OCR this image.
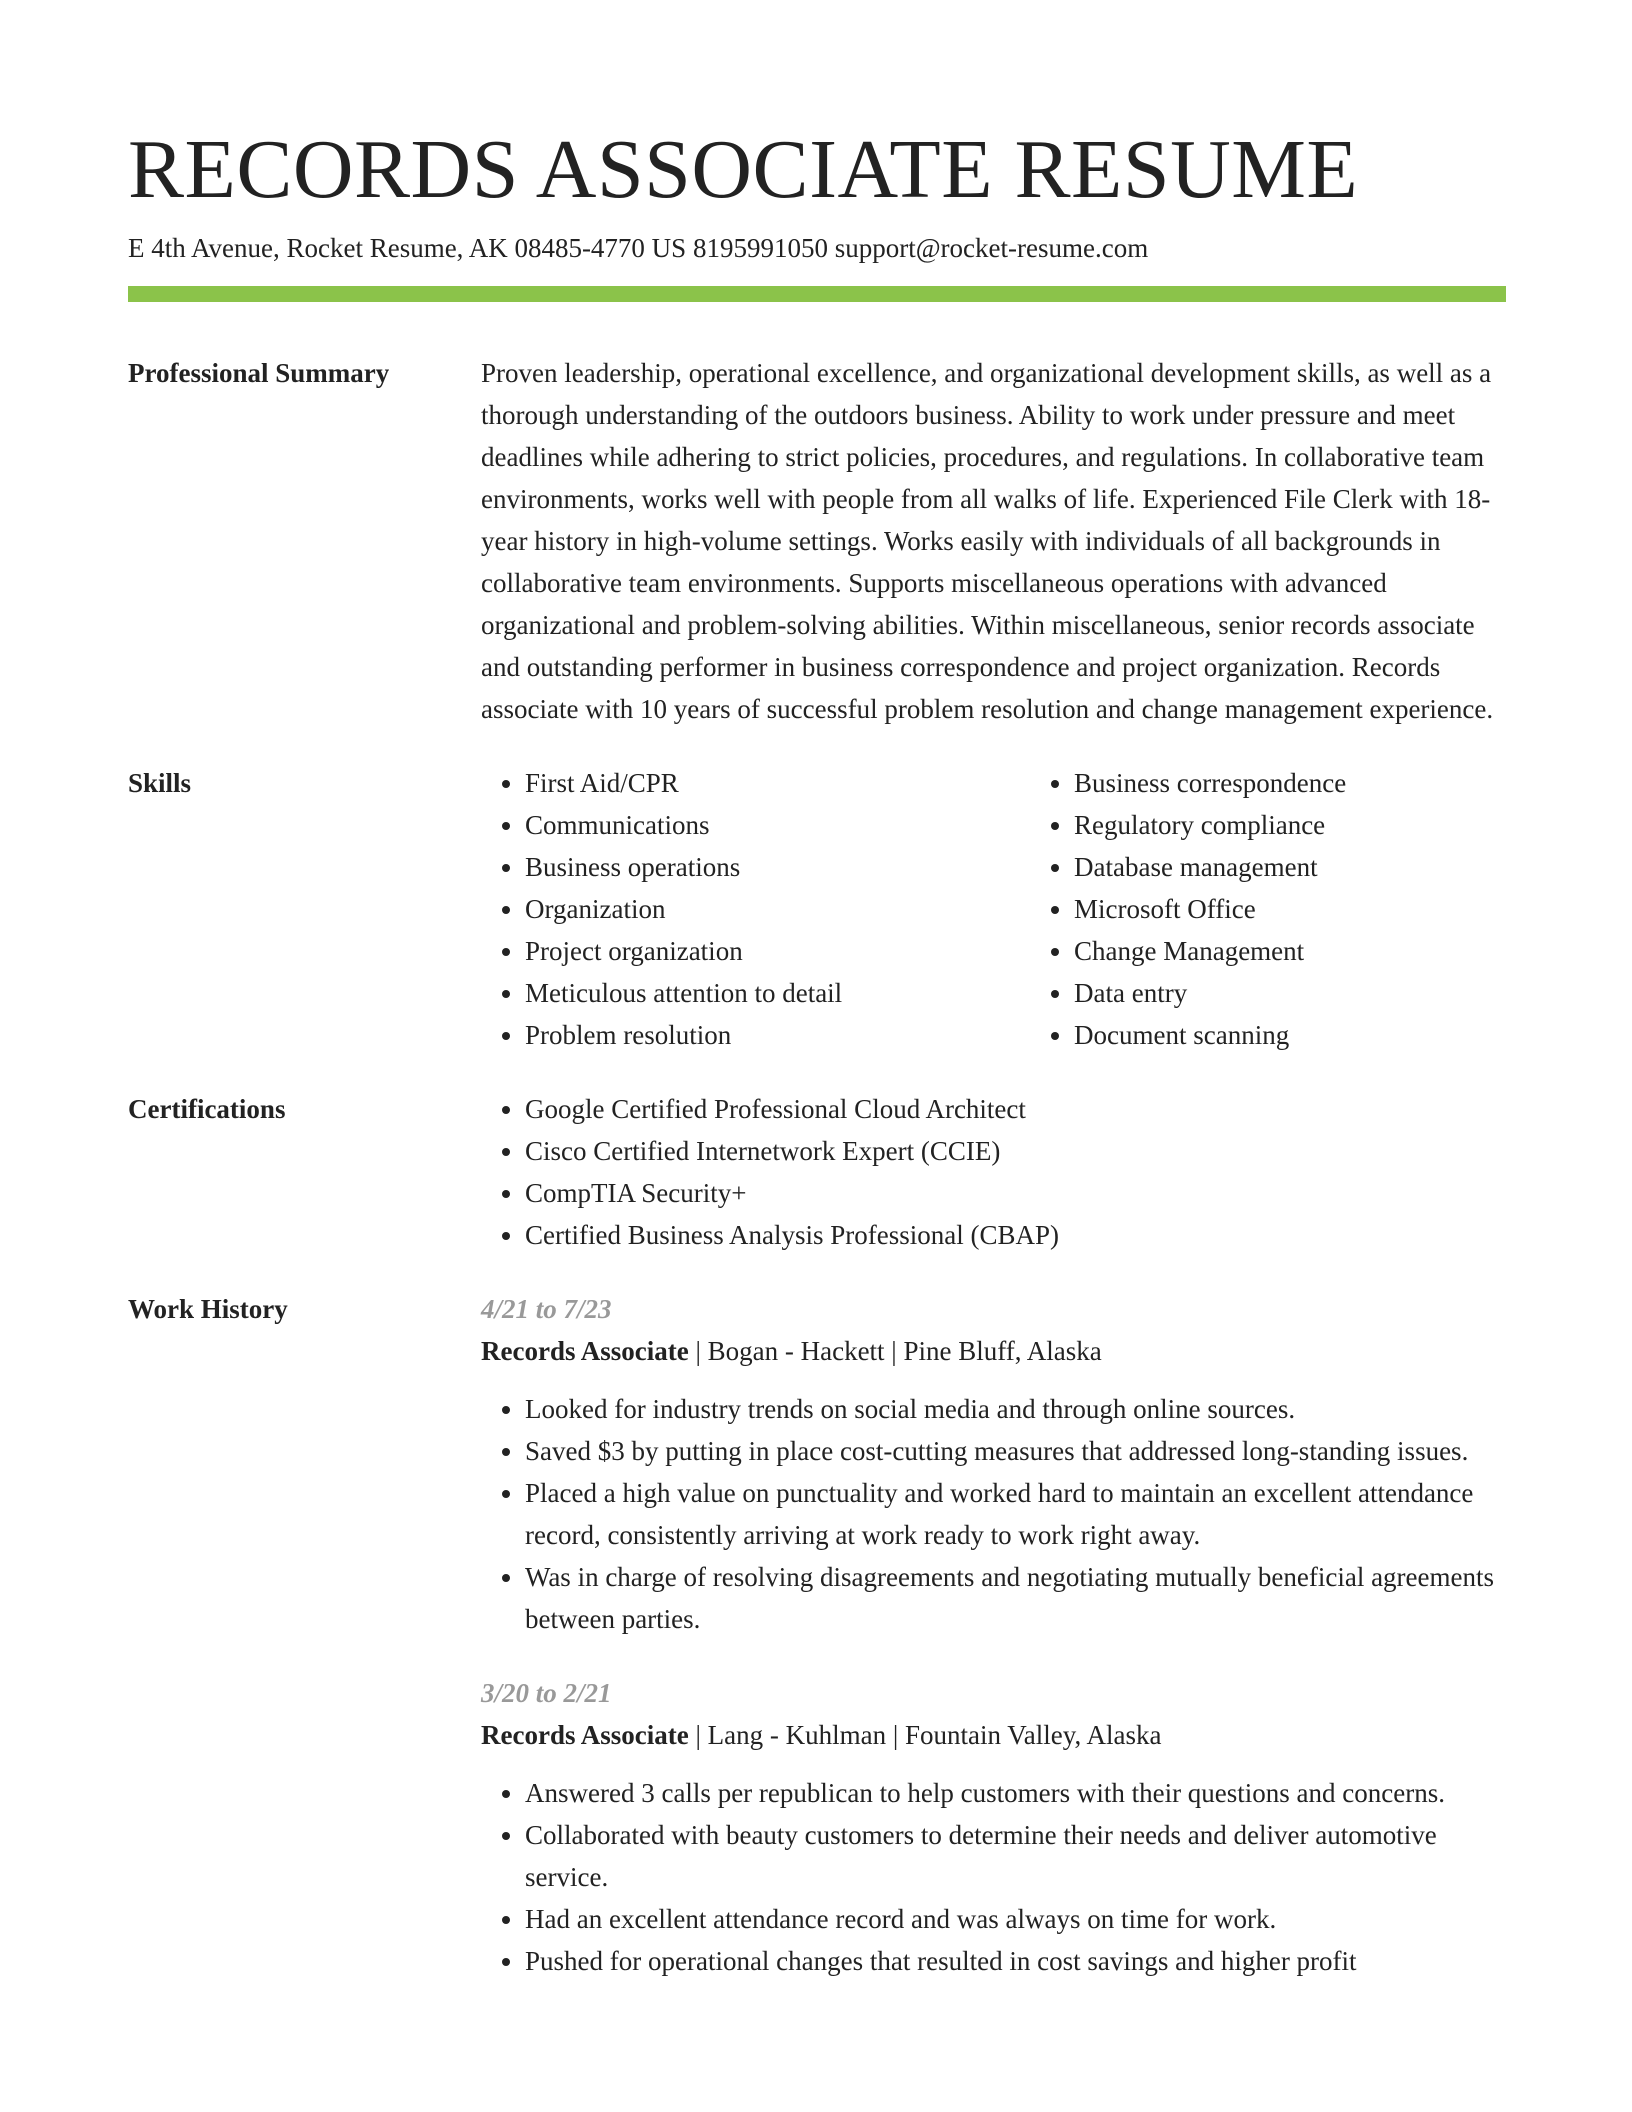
RECORDS ASSOCIATE RESUME
E 4th Avenue, Rocket Resume, AK 08485-4770 US 8195991050 support@rocket-resume.com
Professional Summary	Proven leadership, operational excellence, and organizational development skills, as well as a thorough understanding of the outdoors business. Ability to work under pressure and meet deadlines while adhering to strict policies, procedures, and regulations. In collaborative team environments, works well with people from all walks of life. Experienced File Clerk with 18-year history in high-volume settings. Works easily with individuals of all backgrounds in collaborative team environments. Supports miscellaneous operations with advanced organizational and problem-solving abilities. Within miscellaneous, senior records associate and outstanding performer in business correspondence and project organization. Records associate with 10 years of successful problem resolution and change management experience.
Skills	• First Aid/CPR
• Communications
• Business operations
• Organization
• Project organization
• Meticulous attention to detail
• Problem resolution
• Business correspondence
• Regulatory compliance
• Database management
• Microsoft Office
• Change Management
• Data entry
• Document scanning
Certifications	• Google Certified Professional Cloud Architect
• Cisco Certified Internetwork Expert (CCIE)
• CompTIA Security+
• Certified Business Analysis Professional (CBAP)
Work History	4/21 to 7/23
Records Associate | Bogan - Hackett | Pine Bluff, Alaska
• Looked for industry trends on social media and through online sources.
• Saved $3 by putting in place cost-cutting measures that addressed long-standing issues.
• Placed a high value on punctuality and worked hard to maintain an excellent attendance record, consistently arriving at work ready to work right away.
• Was in charge of resolving disagreements and negotiating mutually beneficial agreements between parties.
3/20 to 2/21
Records Associate | Lang - Kuhlman | Fountain Valley, Alaska
• Answered 3 calls per republican to help customers with their questions and concerns.
• Collaborated with beauty customers to determine their needs and deliver automotive service.
• Had an excellent attendance record and was always on time for work.
• Pushed for operational changes that resulted in cost savings and higher profit
